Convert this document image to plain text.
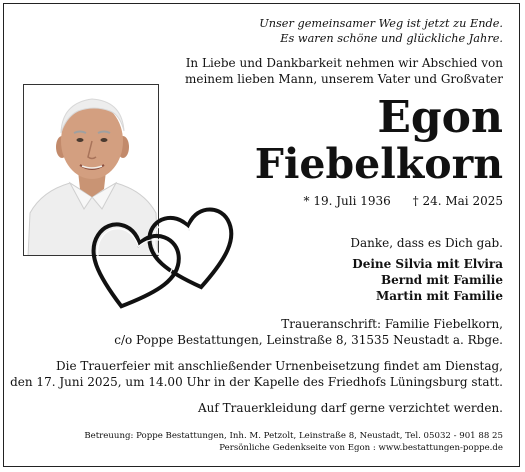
Unser gemeinsamer Weg ist jetzt zu Ende.
Es waren schöne und glückliche Jahre.
In Liebe und Dankbarkeit nehmen wir Abschied von
meinem lieben Mann, unserem Vater und Großvater
Egon
Fiebelkorn
* 19. Juli 1936 † 24. Mai 2025
Danke, dass es Dich gab.
Deine Silvia mit Elvira
Bernd mit Familie
Martin mit Familie
Traueranschrift: Familie Fiebelkorn,
c/o Poppe Bestattungen, Leinstraße 8, 31535 Neustadt a. Rbge.
Die Trauerfeier mit anschließender Urnenbeisetzung findet am Dienstag,
den 17. Juni 2025, um 14.00 Uhr in der Kapelle des Friedhofs Lüningsburg statt.
Auf Trauerkleidung darf gerne verzichtet werden.
Betreuung: Poppe Bestattungen, Inh. M. Petzolt, Leinstraße 8, Neustadt, Tel. 05032 - 901 88 25
Persönliche Gedenkseite von Egon : www.bestattungen-poppe.de
